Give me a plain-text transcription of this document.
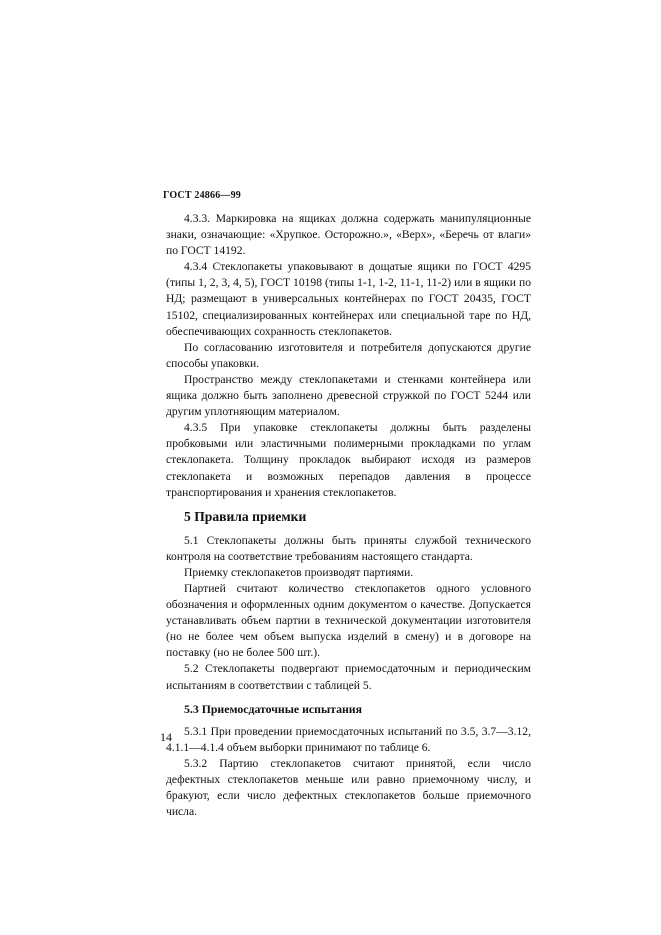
ГОСТ 24866—99

4.3.3. Маркировка на ящиках должна содержать манипуляционные знаки, означающие: «Хрупкое. Осторожно.», «Верх», «Беречь от влаги» по ГОСТ 14192.

4.3.4 Стеклопакеты упаковывают в дощатые ящики по ГОСТ 4295 (типы 1, 2, 3, 4, 5), ГОСТ 10198 (типы 1-1, 1-2, 11-1, 11-2) или в ящики по НД; размещают в универсальных контейнерах по ГОСТ 20435, ГОСТ 15102, специализированных контейнерах или специальной таре по НД, обеспечивающих сохранность стеклопакетов.

По согласованию изготовителя и потребителя допускаются другие способы упаковки.

Пространство между стеклопакетами и стенками контейнера или ящика должно быть заполнено древесной стружкой по ГОСТ 5244 или другим уплотняющим материалом.

4.3.5 При упаковке стеклопакеты должны быть разделены пробковыми или эластичными полимерными прокладками по углам стеклопакета. Толщину прокладок выбирают исходя из размеров стеклопакета и возможных перепадов давления в процессе транспортирования и хранения стеклопакетов.

5 Правила приемки

5.1 Стеклопакеты должны быть приняты службой технического контроля на соответствие требованиям настоящего стандарта.

Приемку стеклопакетов производят партиями.

Партией считают количество стеклопакетов одного условного обозначения и оформленных одним документом о качестве. Допускается устанавливать объем партии в технической документации изготовителя (но не более чем объем выпуска изделий в смену) и в договоре на поставку (но не более 500 шт.).

5.2 Стеклопакеты подвергают приемосдаточным и периодическим испытаниям в соответствии с таблицей 5.

5.3 Приемосдаточные испытания

5.3.1 При проведении приемосдаточных испытаний по 3.5, 3.7—3.12, 4.1.1—4.1.4 объем выборки принимают по таблице 6.

5.3.2 Партию стеклопакетов считают принятой, если число дефектных стеклопакетов меньше или равно приемочному числу, и бракуют, если число дефектных стеклопакетов больше приемочного числа.

14
